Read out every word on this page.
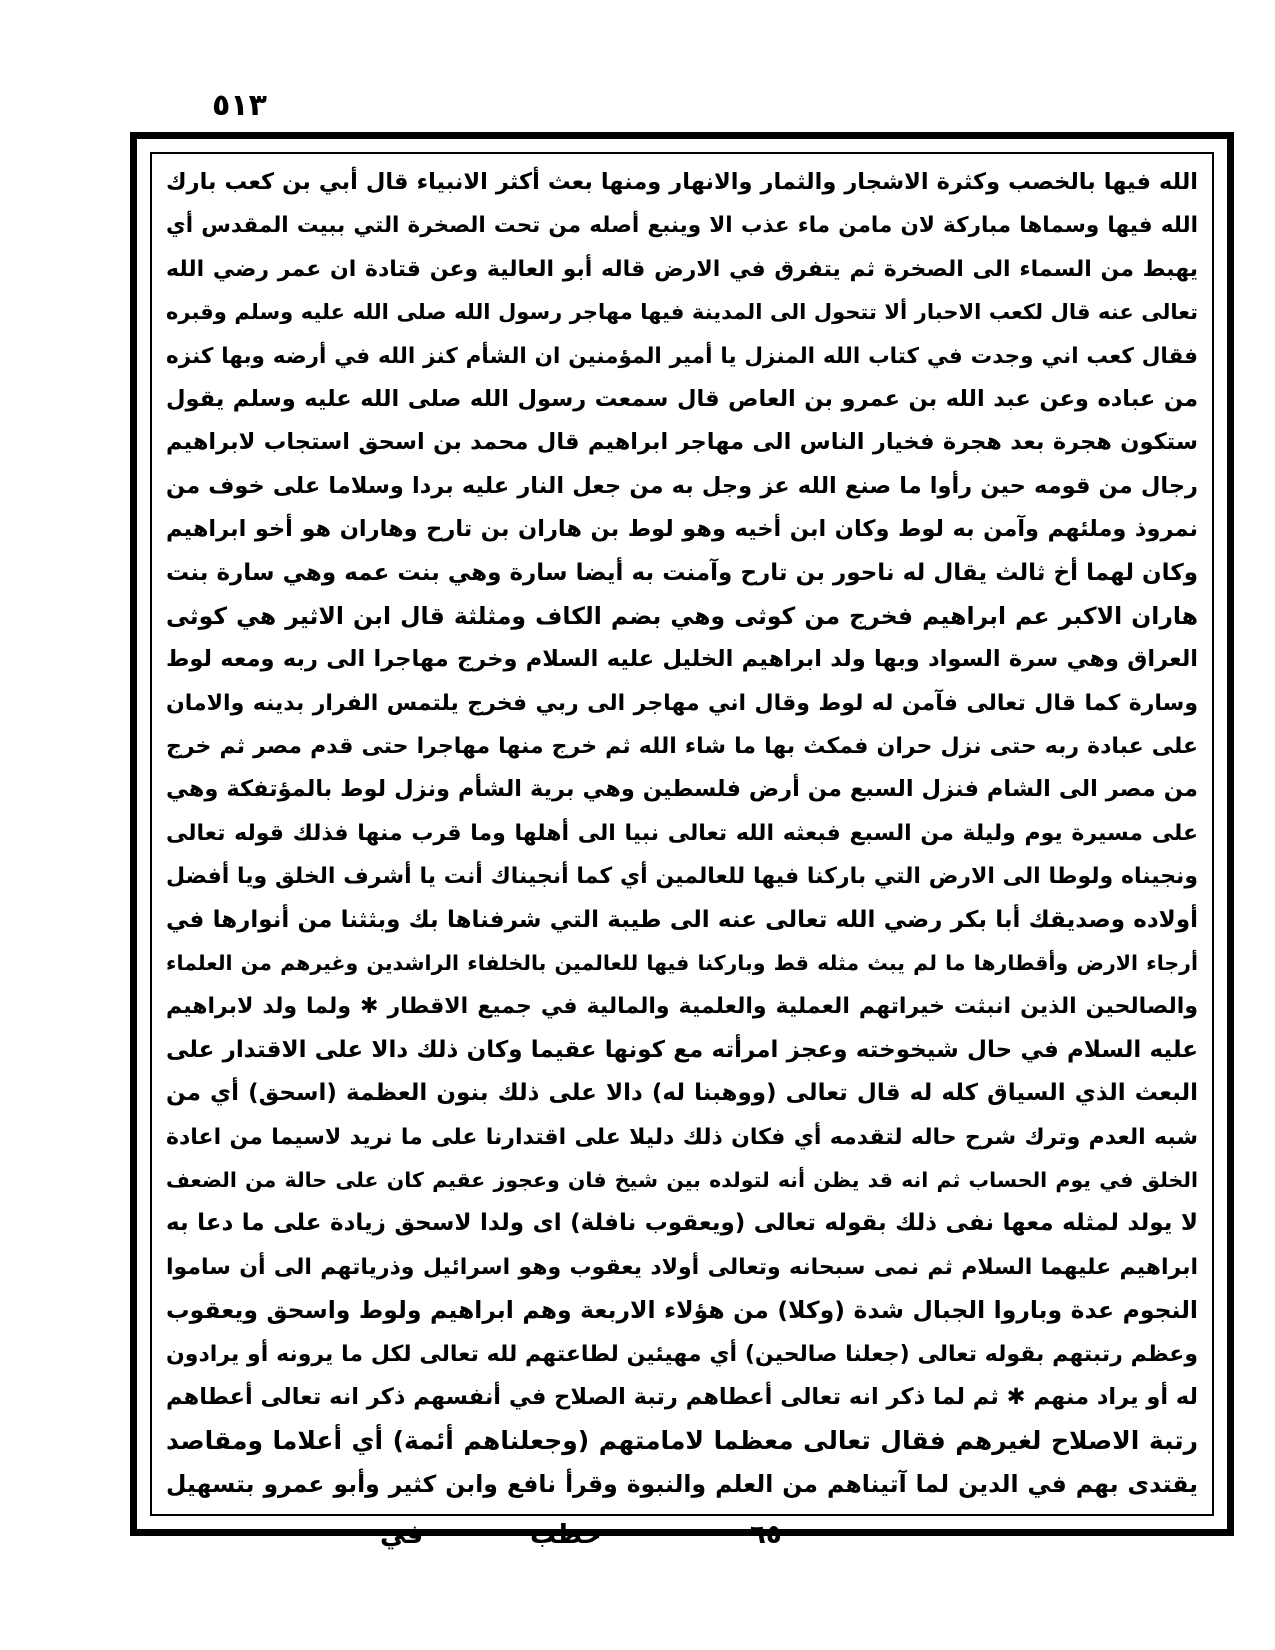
٥١٣
الله فيها بالخصب وكثرة الاشجار والثمار والانهار ومنها بعث أكثر الانبياء قال أبي بن كعب بارك
الله فيها وسماها مباركة لان مامن ماء عذب الا وينبع أصله من تحت الصخرة التي ببيت المقدس أي
يهبط من السماء الى الصخرة ثم يتفرق في الارض قاله أبو العالية وعن قتادة ان عمر رضي الله
تعالى عنه قال لكعب الاحبار ألا تتحول الى المدينة فيها مهاجر رسول الله صلى الله عليه وسلم وقبره
فقال كعب اني وجدت في كتاب الله المنزل يا أمير المؤمنين ان الشأم كنز الله في أرضه وبها كنزه
من عباده وعن عبد الله بن عمرو بن العاص قال سمعت رسول الله صلى الله عليه وسلم يقول
ستكون هجرة بعد هجرة فخيار الناس الى مهاجر ابراهيم قال محمد بن اسحق استجاب لابراهيم
رجال من قومه حين رأوا ما صنع الله عز وجل به من جعل النار عليه بردا وسلاما على خوف من
نمروذ وملئهم وآمن به لوط وكان ابن أخيه وهو لوط بن هاران بن تارح وهاران هو أخو ابراهيم
وكان لهما أخ ثالث يقال له ناحور بن تارح وآمنت به أيضا سارة وهي بنت عمه وهي سارة بنت
هاران الاكبر عم ابراهيم فخرج من كوثى وهي بضم الكاف ومثلثة قال ابن الاثير هي كوثى
العراق وهي سرة السواد وبها ولد ابراهيم الخليل عليه السلام وخرج مهاجرا الى ربه ومعه لوط
وسارة كما قال تعالى فآمن له لوط وقال اني مهاجر الى ربي فخرج يلتمس الفرار بدينه والامان
على عبادة ربه حتى نزل حران فمكث بها ما شاء الله ثم خرج منها مهاجرا حتى قدم مصر ثم خرج
من مصر الى الشام فنزل السبع من أرض فلسطين وهي برية الشأم ونزل لوط بالمؤتفكة وهي
على مسيرة يوم وليلة من السبع فبعثه الله تعالى نبيا الى أهلها وما قرب منها فذلك قوله تعالى
ونجيناه ولوطا الى الارض التي باركنا فيها للعالمين أي كما أنجيناك أنت يا أشرف الخلق ويا أفضل
أولاده وصديقك أبا بكر رضي الله تعالى عنه الى طيبة التي شرفناها بك وبثثنا من أنوارها في
أرجاء الارض وأقطارها ما لم يبث مثله قط وباركنا فيها للعالمين بالخلفاء الراشدين وغيرهم من العلماء
والصالحين الذين انبثت خيراتهم العملية والعلمية والمالية في جميع الاقطار ✱ ولما ولد لابراهيم
عليه السلام في حال شيخوخته وعجز امرأته مع كونها عقيما وكان ذلك دالا على الاقتدار على
البعث الذي السياق كله له قال تعالى (ووهبنا له) دالا على ذلك بنون العظمة (اسحق) أي من
شبه العدم وترك شرح حاله لتقدمه أي فكان ذلك دليلا على اقتدارنا على ما نريد لاسيما من اعادة
الخلق في يوم الحساب ثم انه قد يظن أنه لتولده بين شيخ فان وعجوز عقيم كان على حالة من الضعف
لا يولد لمثله معها نفى ذلك بقوله تعالى (ويعقوب نافلة) اى ولدا لاسحق زيادة على ما دعا به
ابراهيم عليهما السلام ثم نمى سبحانه وتعالى أولاد يعقوب وهو اسرائيل وذرياتهم الى أن ساموا
النجوم عدة وباروا الجبال شدة (وكلا) من هؤلاء الاربعة وهم ابراهيم ولوط واسحق ويعقوب
وعظم رتبتهم بقوله تعالى (جعلنا صالحين) أي مهيئين لطاعتهم لله تعالى لكل ما يرونه أو يرادون
له أو يراد منهم ✱ ثم لما ذكر انه تعالى أعطاهم رتبة الصلاح في أنفسهم ذكر انه تعالى أعطاهم
رتبة الاصلاح لغيرهم فقال تعالى معظما لامامتهم (وجعلناهم أئمة) أي أعلاما ومقاصد
يقتدى بهم في الدين لما آتيناهم من العلم والنبوة وقرأ نافع وابن كثير وأبو عمرو بتسهيل
٦٥
خطب
في
